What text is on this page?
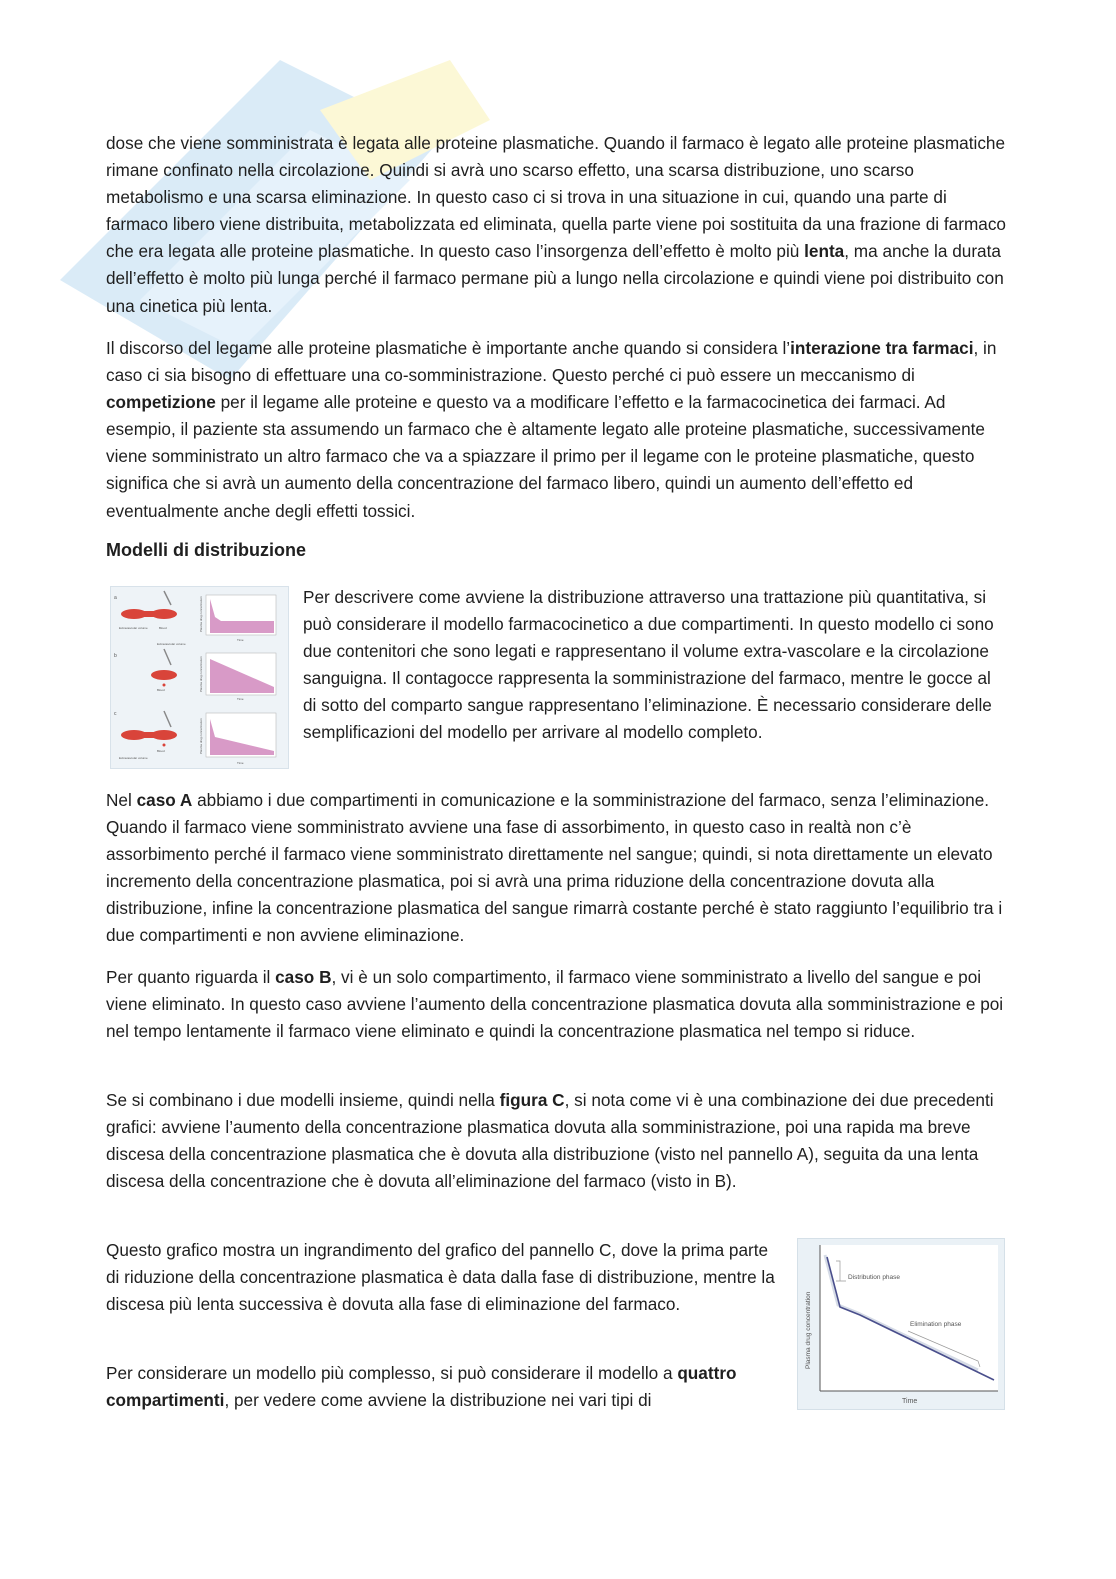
dose che viene somministrata è legata alle proteine plasmatiche. Quando il farmaco è legato alle proteine plasmatiche rimane confinato nella circolazione. Quindi si avrà uno scarso effetto, una scarsa distribuzione, uno scarso metabolismo e una scarsa eliminazione. In questo caso ci si trova in una situazione in cui, quando una parte di farmaco libero viene distribuita, metabolizzata ed eliminata, quella parte viene poi sostituita da una frazione di farmaco che era legata alle proteine plasmatiche. In questo caso l’insorgenza dell’effetto è molto più lenta, ma anche la durata dell’effetto è molto più lunga perché il farmaco permane più a lungo nella circolazione e quindi viene poi distribuito con una cinetica più lenta.

Il discorso del legame alle proteine plasmatiche è importante anche quando si considera l’interazione tra farmaci, in caso ci sia bisogno di effettuare una co-somministrazione. Questo perché ci può essere un meccanismo di competizione per il legame alle proteine e questo va a modificare l’effetto e la farmacocinetica dei farmaci. Ad esempio, il paziente sta assumendo un farmaco che è altamente legato alle proteine plasmatiche, successivamente viene somministrato un altro farmaco che va a spiazzare il primo per il legame con le proteine plasmatiche, questo significa che si avrà un aumento della concentrazione del farmaco libero, quindi un aumento dell’effetto ed eventualmente anche degli effetti tossici.

Modelli di distribuzione
a
Extravascular volume	Blood	Plasma drug concentration
Time
b
Blood	Plasma drug concentration
Time
c
Blood
Extravascular volume
Extravascular volume
Plasma drug concentration
Time

Per descrivere come avviene la distribuzione attraverso una trattazione più quantitativa, si può considerare il modello farmacocinetico a due compartimenti. In questo modello ci sono due contenitori che sono legati e rappresentano il volume extra-vascolare e la circolazione sanguigna. Il contagocce rappresenta la somministrazione del farmaco, mentre le gocce al di sotto del comparto sangue rappresentano l’eliminazione. È necessario considerare delle semplificazioni del modello per arrivare al modello completo.

Nel caso A abbiamo i due compartimenti in comunicazione e la somministrazione del farmaco, senza l’eliminazione. Quando il farmaco viene somministrato avviene una fase di assorbimento, in questo caso in realtà non c’è assorbimento perché il farmaco viene somministrato direttamente nel sangue; quindi, si nota direttamente un elevato incremento della concentrazione plasmatica, poi si avrà una prima riduzione della concentrazione dovuta alla distribuzione, infine la concentrazione plasmatica del sangue rimarrà costante perché è stato raggiunto l’equilibrio tra i due compartimenti e non avviene eliminazione.

Per quanto riguarda il caso B, vi è un solo compartimento, il farmaco viene somministrato a livello del sangue e poi viene eliminato. In questo caso avviene l’aumento della concentrazione plasmatica dovuta alla somministrazione e poi nel tempo lentamente il farmaco viene eliminato e quindi la concentrazione plasmatica nel tempo si riduce.

Se si combinano i due modelli insieme, quindi nella figura C, si nota come vi è una combinazione dei due precedenti grafici: avviene l’aumento della concentrazione plasmatica dovuta alla somministrazione, poi una rapida ma breve discesa della concentrazione plasmatica che è dovuta alla distribuzione (visto nel pannello A), seguita da una lenta discesa della concentrazione che è dovuta all’eliminazione del farmaco (visto in B).

Questo grafico mostra un ingrandimento del grafico del pannello C, dove la prima parte di riduzione della concentrazione plasmatica è data dalla fase di distribuzione, mentre la discesa più lenta successiva è dovuta alla fase di eliminazione del farmaco.

Per considerare un modello più complesso, si può considerare il modello a quattro compartimenti, per vedere come avviene la distribuzione nei vari tipi di

Distribution phase
Elimination phase
Plasma drug concentration
Time
